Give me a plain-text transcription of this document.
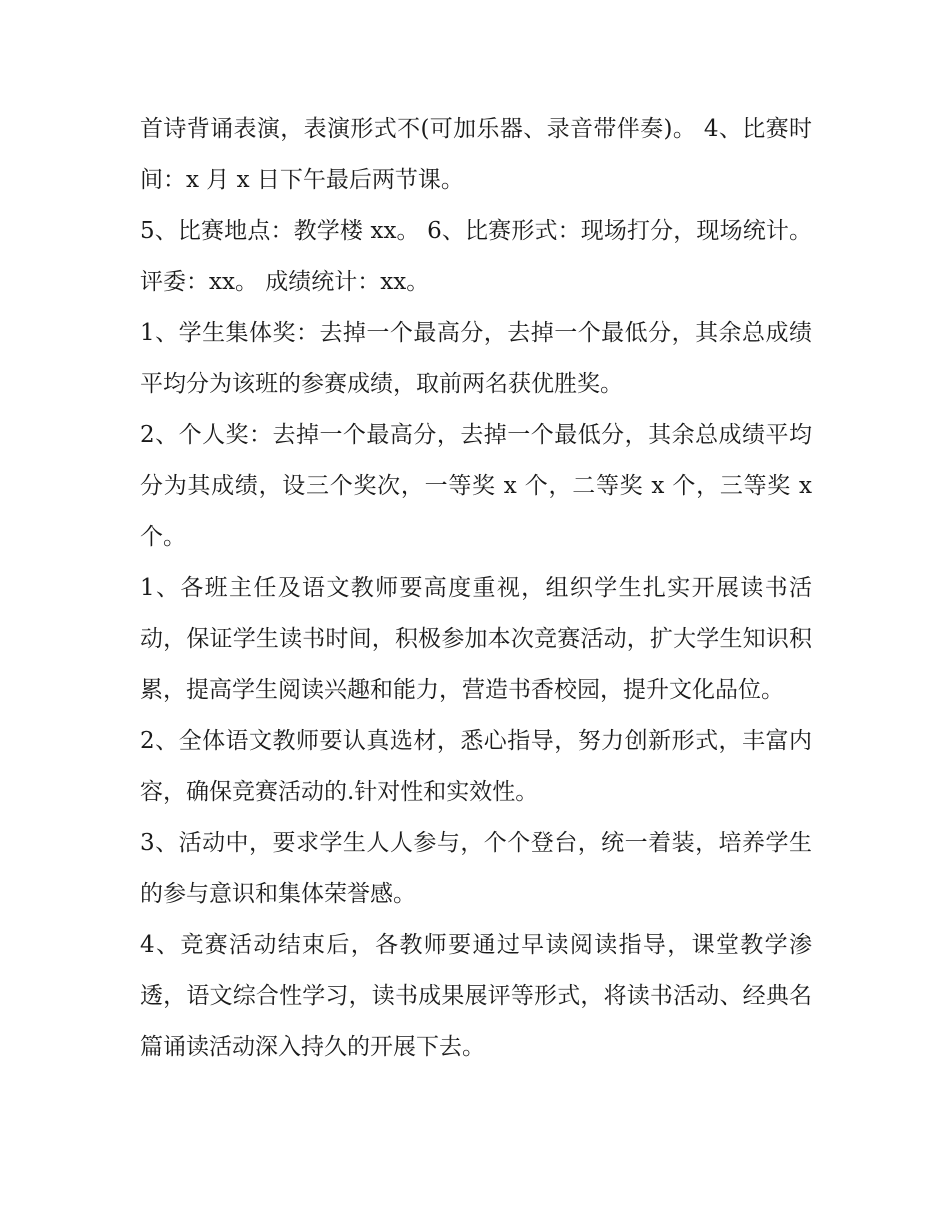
首诗背诵表演，表演形式不(可加乐器、录音带伴奏)。 4、比赛时间：x 月 x 日下午最后两节课。

5、比赛地点：教学楼 xx。 6、比赛形式：现场打分，现场统计。 评委：xx。 成绩统计：xx。

1、学生集体奖：去掉一个最高分，去掉一个最低分，其余总成绩平均分为该班的参赛成绩，取前两名获优胜奖。

2、个人奖：去掉一个最高分，去掉一个最低分，其余总成绩平均分为其成绩，设三个奖次，一等奖 x 个，二等奖 x 个，三等奖 x 个。

1、各班主任及语文教师要高度重视，组织学生扎实开展读书活动，保证学生读书时间，积极参加本次竞赛活动，扩大学生知识积累，提高学生阅读兴趣和能力，营造书香校园，提升文化品位。

2、全体语文教师要认真选材，悉心指导，努力创新形式，丰富内容，确保竞赛活动的.针对性和实效性。

3、活动中，要求学生人人参与，个个登台，统一着装，培养学生的参与意识和集体荣誉感。

4、竞赛活动结束后，各教师要通过早读阅读指导，课堂教学渗透，语文综合性学习，读书成果展评等形式，将读书活动、经典名篇诵读活动深入持久的开展下去。
